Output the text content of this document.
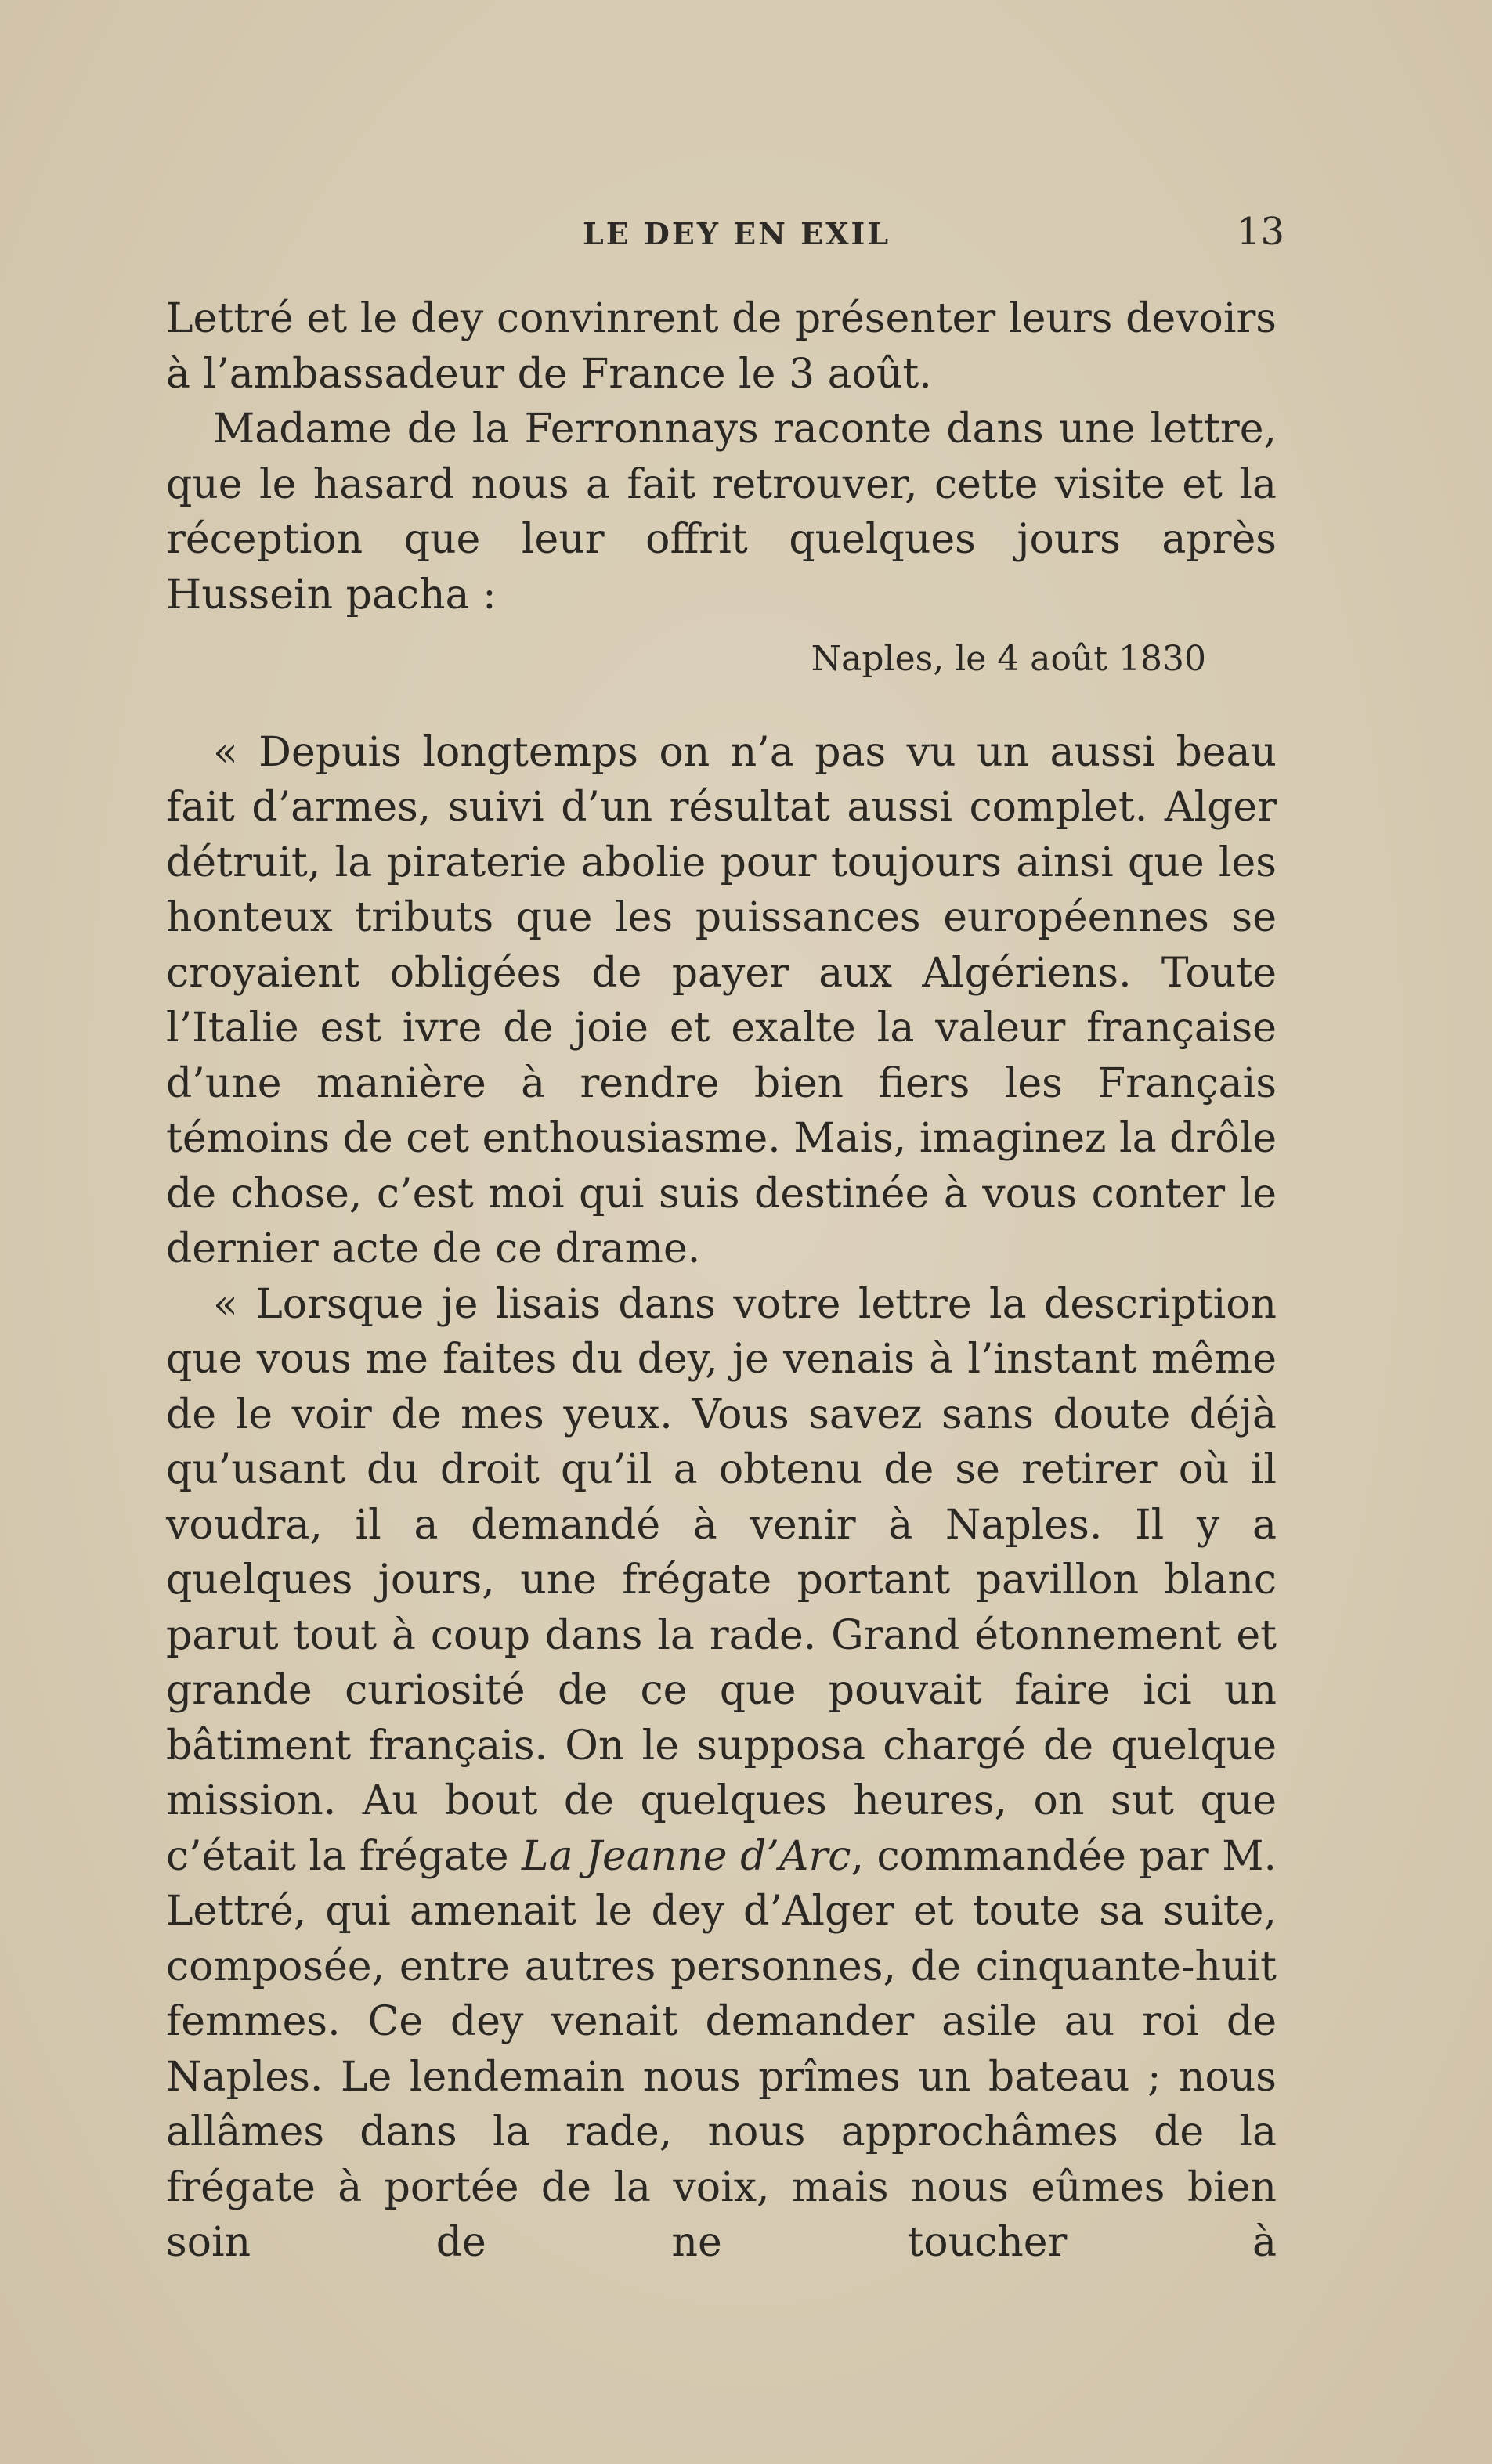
LE DEY EN EXIL	13

Lettré et le dey convinrent de présenter leurs devoirs à l’ambassadeur de France le 3 août.

Madame de la Ferronnays raconte dans une lettre, que le hasard nous a fait retrouver, cette visite et la réception que leur offrit quelques jours après Hussein pacha :

Naples, le 4 août 1830

« Depuis longtemps on n’a pas vu un aussi beau fait d’armes, suivi d’un résultat aussi complet. Alger détruit, la piraterie abolie pour toujours ainsi que les honteux tributs que les puissances européennes se croyaient obligées de payer aux Algériens. Toute l’Italie est ivre de joie et exalte la valeur française d’une manière à rendre bien fiers les Français témoins de cet enthousiasme. Mais, imaginez la drôle de chose, c’est moi qui suis destinée à vous conter le dernier acte de ce drame.

« Lorsque je lisais dans votre lettre la description que vous me faites du dey, je venais à l’instant même de le voir de mes yeux. Vous savez sans doute déjà qu’usant du droit qu’il a obtenu de se retirer où il voudra, il a demandé à venir à Naples. Il y a quelques jours, une frégate portant pavillon blanc parut tout à coup dans la rade. Grand étonnement et grande curiosité de ce que pouvait faire ici un bâtiment français. On le supposa chargé de quelque mission. Au bout de quelques heures, on sut que c’était la frégate La Jeanne d’Arc, commandée par M. Lettré, qui amenait le dey d’Alger et toute sa suite, composée, entre autres personnes, de cinquante-huit femmes. Ce dey venait demander asile au roi de Naples. Le lendemain nous prîmes un bateau ; nous allâmes dans la rade, nous approchâmes de la frégate à portée de la voix, mais nous eûmes bien soin de ne toucher à
